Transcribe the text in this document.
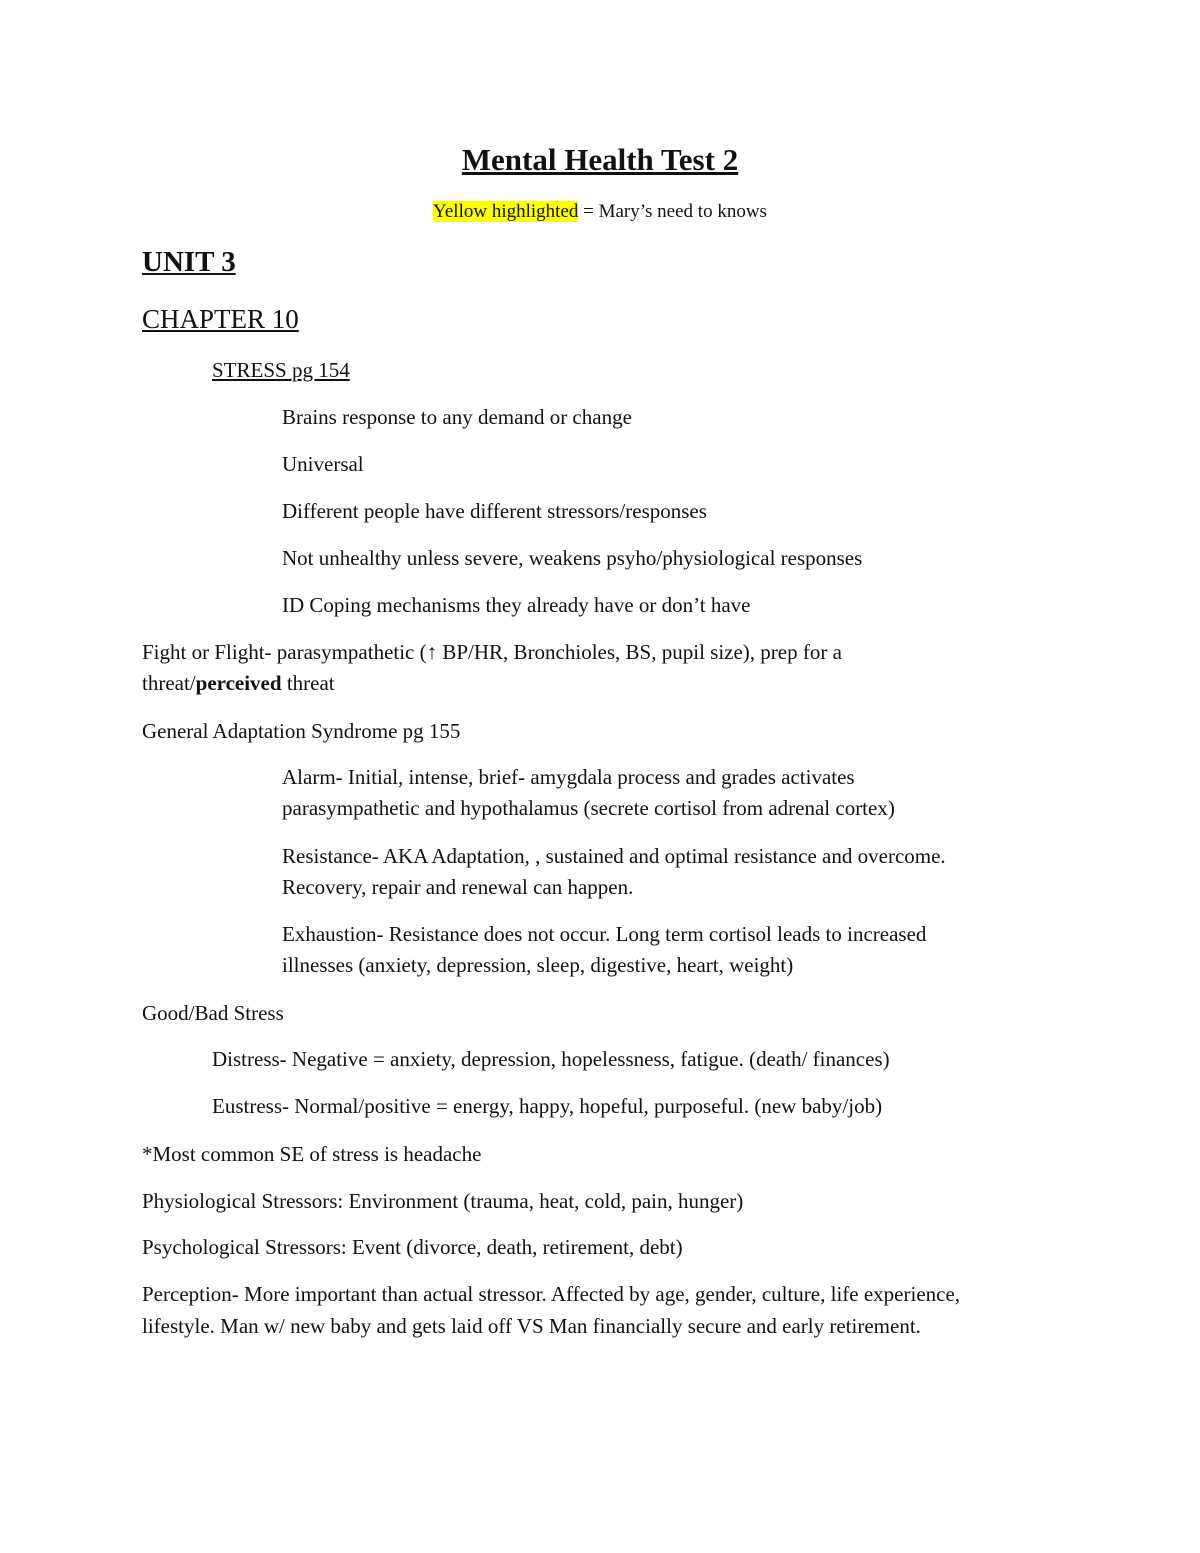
Mental Health Test 2
Yellow highlighted = Mary’s need to knows
UNIT 3
CHAPTER 10
STRESS pg 154
Brains response to any demand or change
Universal
Different people have different stressors/responses
Not unhealthy unless severe, weakens psyho/physiological responses
ID Coping mechanisms they already have or don’t have
Fight or Flight- parasympathetic (↑ BP/HR, Bronchioles, BS, pupil size), prep for a
threat/perceived threat
General Adaptation Syndrome pg 155
Alarm- Initial, intense, brief- amygdala process and grades activates
parasympathetic and hypothalamus (secrete cortisol from adrenal cortex)
Resistance- AKA Adaptation, , sustained and optimal resistance and overcome.
Recovery, repair and renewal can happen.
Exhaustion- Resistance does not occur. Long term cortisol leads to increased
illnesses (anxiety, depression, sleep, digestive, heart, weight)
Good/Bad Stress
Distress- Negative = anxiety, depression, hopelessness, fatigue. (death/ finances)
Eustress- Normal/positive = energy, happy, hopeful, purposeful. (new baby/job)
*Most common SE of stress is headache
Physiological Stressors: Environment (trauma, heat, cold, pain, hunger)
Psychological Stressors: Event (divorce, death, retirement, debt)
Perception- More important than actual stressor. Affected by age, gender, culture, life experience,
lifestyle. Man w/ new baby and gets laid off VS Man financially secure and early retirement.
